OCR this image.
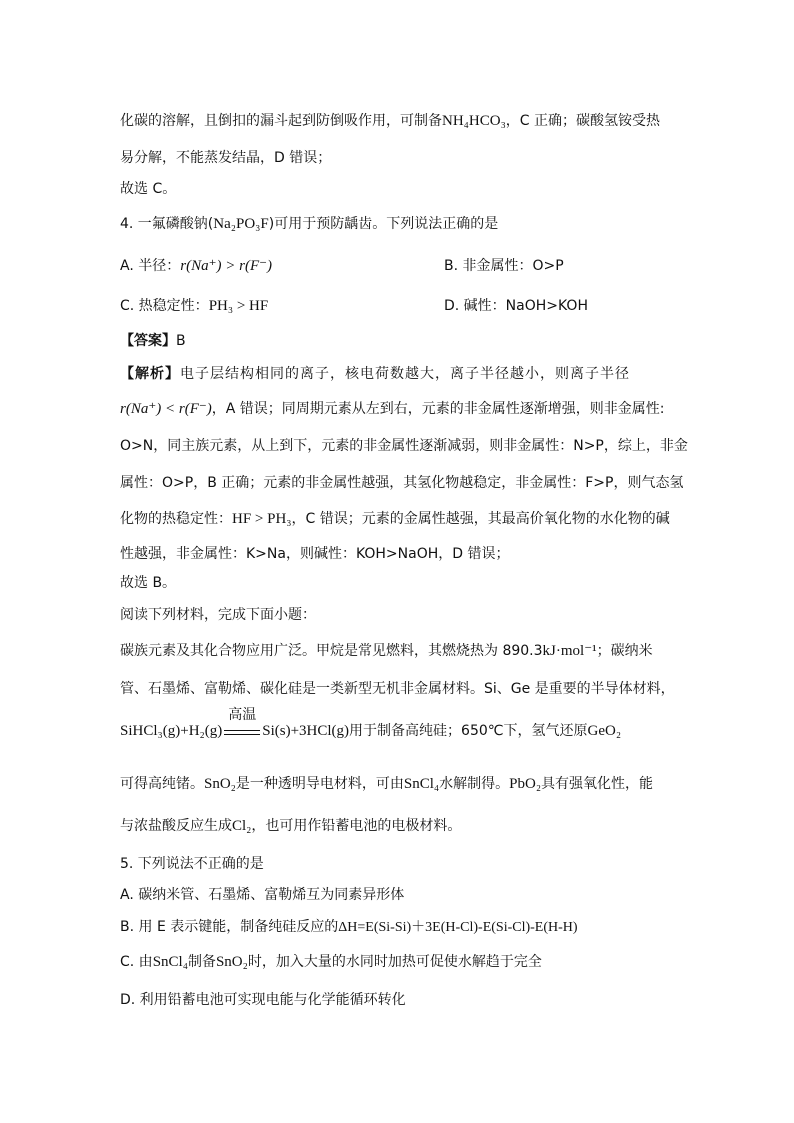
化碳的溶解，且倒扣的漏斗起到防倒吸作用，可制备NH₄HCO₃，C 正确；碳酸氢铵受热
易分解，不能蒸发结晶，D 错误；
故选 C。
4. 一氟磷酸钠(Na₂PO₃F)可用于预防龋齿。下列说法正确的是
A. 半径：r(Na⁺) > r(F⁻)	B. 非金属性：O>P
C. 热稳定性：PH₃ > HF	D. 碱性：NaOH>KOH
【答案】B
【解析】电子层结构相同的离子，核电荷数越大，离子半径越小，则离子半径
r(Na⁺) < r(F⁻)，A 错误；同周期元素从左到右，元素的非金属性逐渐增强，则非金属性:
O>N，同主族元素，从上到下，元素的非金属性逐渐减弱，则非金属性：N>P，综上，非金
属性：O>P，B 正确；元素的非金属性越强，其氢化物越稳定，非金属性：F>P，则气态氢
化物的热稳定性：HF > PH₃，C 错误；元素的金属性越强，其最高价氧化物的水化物的碱
性越强，非金属性：K>Na，则碱性：KOH>NaOH，D 错误；
故选 B。
阅读下列材料，完成下面小题：
碳族元素及其化合物应用广泛。甲烷是常见燃料，其燃烧热为 890.3kJ·mol⁻¹；碳纳米
管、石墨烯、富勒烯、碳化硅是一类新型无机非金属材料。Si、Ge 是重要的半导体材料，
SiHCl₃(g)+H₂(g)
高温
Si(s)+3HCl(g)用于制备高纯硅；650℃下，氢气还原GeO₂
可得高纯锗。SnO₂是一种透明导电材料，可由SnCl₄水解制得。PbO₂具有强氧化性，能
与浓盐酸反应生成Cl₂，也可用作铅蓄电池的电极材料。
5. 下列说法不正确的是
A. 碳纳米管、石墨烯、富勒烯互为同素异形体
B. 用 E 表示键能，制备纯硅反应的ΔH=E(Si-Si)＋3E(H-Cl)-E(Si-Cl)-E(H-H)
C. 由SnCl₄制备SnO₂时，加入大量的水同时加热可促使水解趋于完全
D. 利用铅蓄电池可实现电能与化学能循环转化
